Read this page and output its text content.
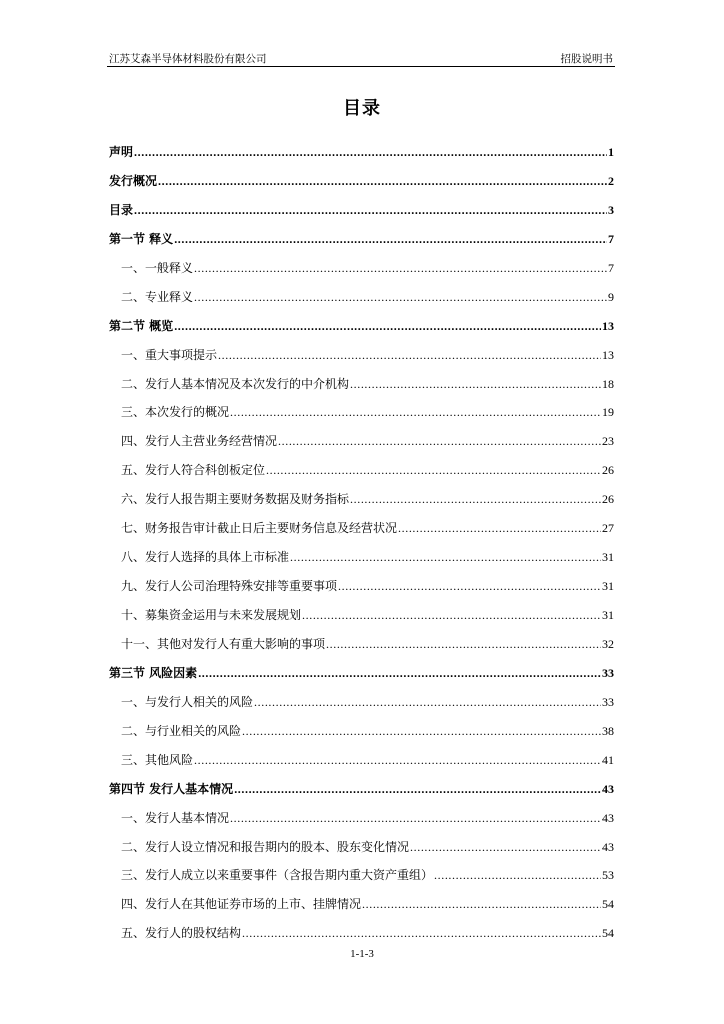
江苏艾森半导体材料股份有限公司	招股说明书
目录
声明 .....	1
发行概况 .....	2
目录 .....	3
第一节 释义 .....	7
一、一般释义 .....	7
二、专业释义 .....	9
第二节 概览 .....	13
一、重大事项提示 .....	13
二、发行人基本情况及本次发行的中介机构 .....	18
三、本次发行的概况 .....	19
四、发行人主营业务经营情况 .....	23
五、发行人符合科创板定位 .....	26
六、发行人报告期主要财务数据及财务指标 .....	26
七、财务报告审计截止日后主要财务信息及经营状况 .....	27
八、发行人选择的具体上市标准 .....	31
九、发行人公司治理特殊安排等重要事项 .....	31
十、募集资金运用与未来发展规划 .....	31
十一、其他对发行人有重大影响的事项 .....	32
第三节 风险因素 .....	33
一、与发行人相关的风险 .....	33
二、与行业相关的风险 .....	38
三、其他风险 .....	41
第四节 发行人基本情况 .....	43
一、发行人基本情况 .....	43
二、发行人设立情况和报告期内的股本、股东变化情况 .....	43
三、发行人成立以来重要事件（含报告期内重大资产重组） .....	53
四、发行人在其他证券市场的上市、挂牌情况 .....	54
五、发行人的股权结构 .....	54
1-1-3
